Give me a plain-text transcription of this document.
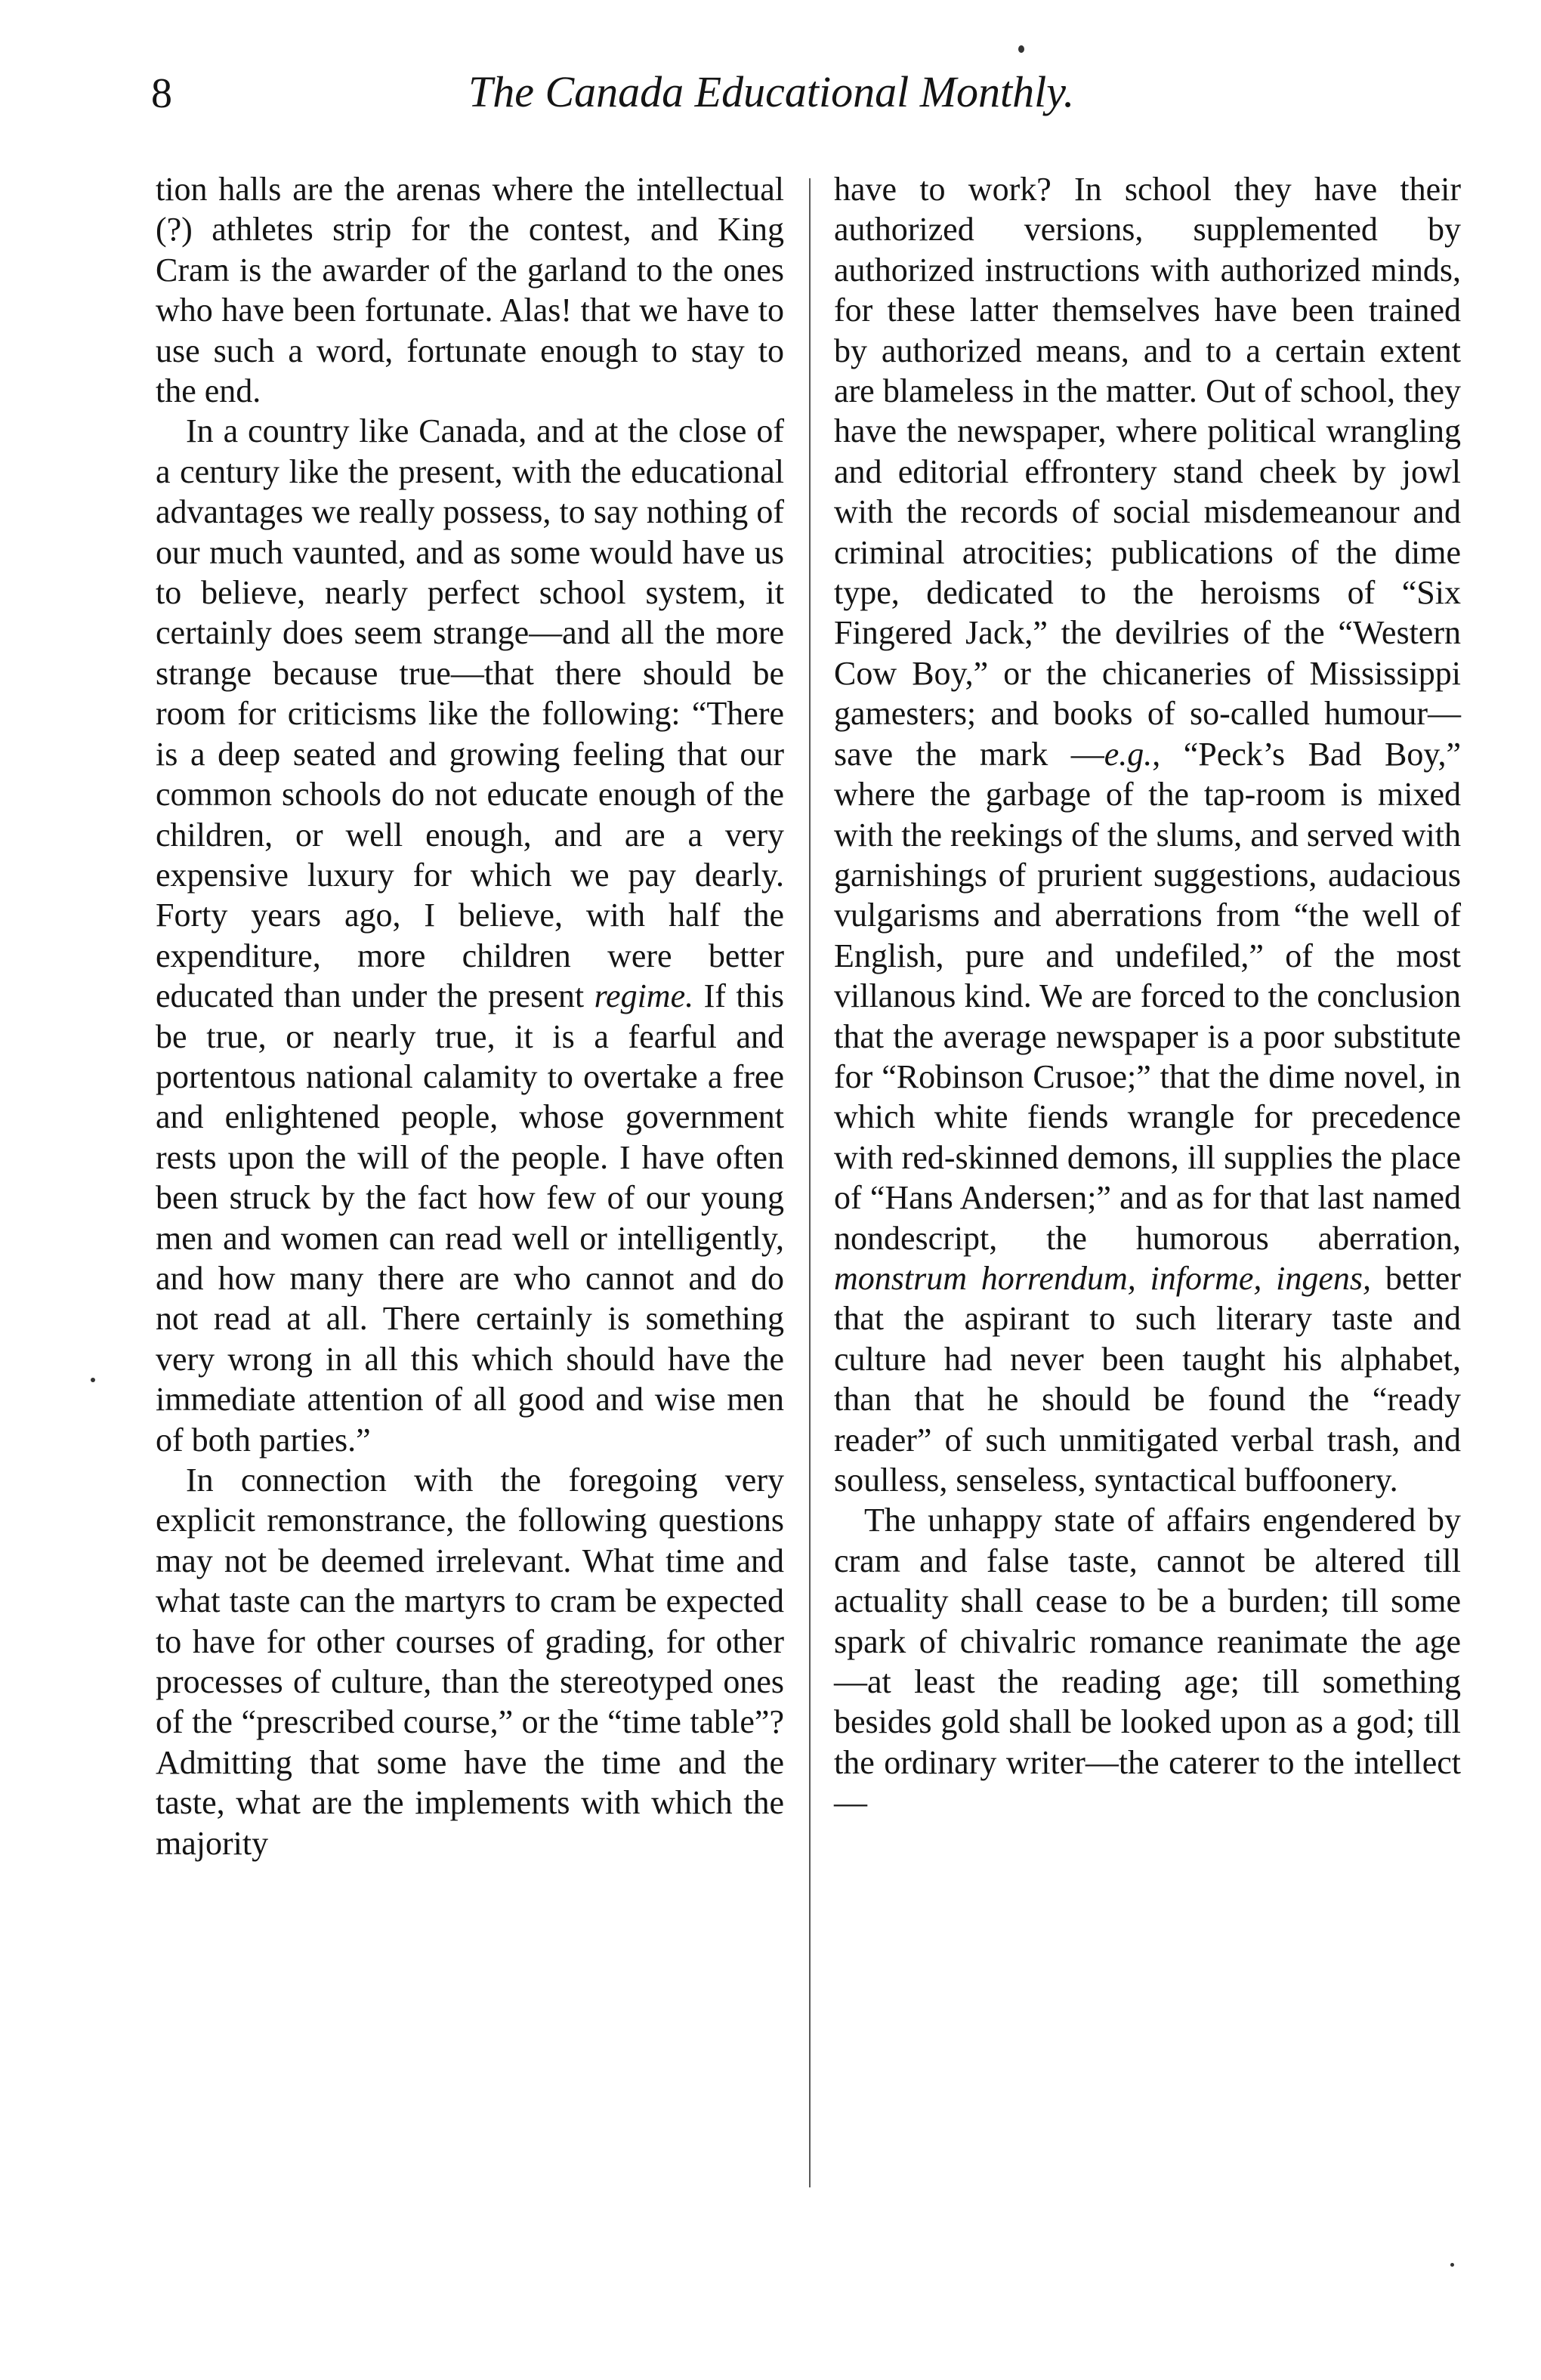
8	The Canada Educational Monthly.

tion halls are the arenas where the intellectual (?) athletes strip for the contest, and King Cram is the awarder of the garland to the ones who have been fortunate. Alas! that we have to use such a word, fortunate enough to stay to the end.

In a country like Canada, and at the close of a century like the present, with the educational advantages we really possess, to say nothing of our much vaunted, and as some would have us to believe, nearly perfect school system, it certainly does seem strange—and all the more strange because true—that there should be room for criticisms like the following: “There is a deep seated and growing feeling that our common schools do not educate enough of the children, or well enough, and are a very expensive luxury for which we pay dearly. Forty years ago, I believe, with half the expenditure, more children were better educated than under the present regime. If this be true, or nearly true, it is a fearful and portentous national calamity to overtake a free and enlightened people, whose government rests upon the will of the people. I have often been struck by the fact how few of our young men and women can read well or intelligently, and how many there are who cannot and do not read at all. There certainly is something very wrong in all this which should have the immediate attention of all good and wise men of both parties.”

In connection with the foregoing very explicit remonstrance, the following questions may not be deemed irrelevant. What time and what taste can the martyrs to cram be expected to have for other courses of grading, for other processes of culture, than the stereotyped ones of the “prescribed course,” or the “time table”? Admitting that some have the time and the taste, what are the implements with which the majority

have to work? In school they have their authorized versions, supplemented by authorized instructions with authorized minds, for these latter themselves have been trained by authorized means, and to a certain extent are blameless in the matter. Out of school, they have the newspaper, where political wrangling and editorial effrontery stand cheek by jowl with the records of social misdemeanour and criminal atrocities; publications of the dime type, dedicated to the heroisms of “Six Fingered Jack,” the devilries of the “Western Cow Boy,” or the chicaneries of Mississippi gamesters; and books of so-called humour—save the mark —e.g., “Peck’s Bad Boy,” where the garbage of the tap-room is mixed with the reekings of the slums, and served with garnishings of prurient suggestions, audacious vulgarisms and aberrations from “the well of English, pure and undefiled,” of the most villanous kind. We are forced to the conclusion that the average newspaper is a poor substitute for “Robinson Crusoe;” that the dime novel, in which white fiends wrangle for precedence with red-skinned demons, ill supplies the place of “Hans Andersen;” and as for that last named nondescript, the humorous aberration, monstrum horrendum, informe, ingens, better that the aspirant to such literary taste and culture had never been taught his alphabet, than that he should be found the “ready reader” of such unmitigated verbal trash, and soulless, senseless, syntactical buffoonery.

The unhappy state of affairs engendered by cram and false taste, cannot be altered till actuality shall cease to be a burden; till some spark of chivalric romance reanimate the age—at least the reading age; till something besides gold shall be looked upon as a god; till the ordinary writer—the caterer to the intellect—
